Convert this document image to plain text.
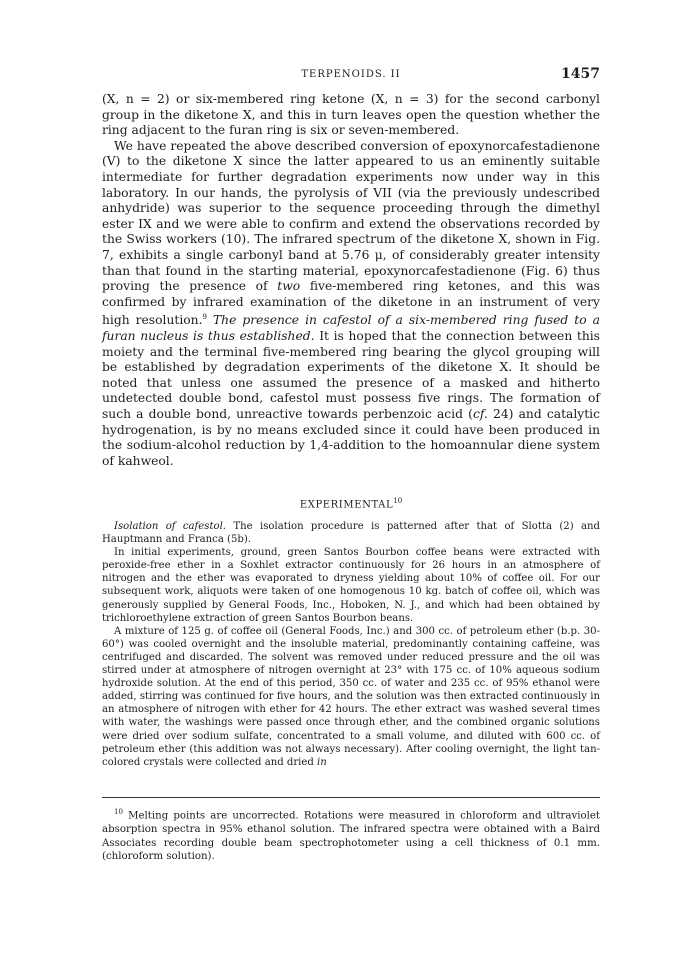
TERPENOIDS. II	1457

(X, n = 2) or six-membered ring ketone (X, n = 3) for the second carbonyl group in the diketone X, and this in turn leaves open the question whether the ring adjacent to the furan ring is six or seven-membered.

We have repeated the above described conversion of epoxynorcafestadienone (V) to the diketone X since the latter appeared to us an eminently suitable intermediate for further degradation experiments now under way in this laboratory. In our hands, the pyrolysis of VII (via the previously undescribed anhydride) was superior to the sequence proceeding through the dimethyl ester IX and we were able to confirm and extend the observations recorded by the Swiss workers (10). The infrared spectrum of the diketone X, shown in Fig. 7, exhibits a single carbonyl band at 5.76 μ, of considerably greater intensity than that found in the starting material, epoxynorcafestadienone (Fig. 6) thus proving the presence of two five-membered ring ketones, and this was confirmed by infrared examination of the diketone in an instrument of very high resolution.$^9$ The presence in cafestol of a six-membered ring fused to a furan nucleus is thus established. It is hoped that the connection between this moiety and the terminal five-membered ring bearing the glycol grouping will be established by degradation experiments of the diketone X. It should be noted that unless one assumed the presence of a masked and hitherto undetected double bond, cafestol must possess five rings. The formation of such a double bond, unreactive towards perbenzoic acid (cf. 24) and catalytic hydrogenation, is by no means excluded since it could have been produced in the sodium-alcohol reduction by 1,4-addition to the homoannular diene system of kahweol.

EXPERIMENTAL$^{10}$

Isolation of cafestol. The isolation procedure is patterned after that of Slotta (2) and Hauptmann and Franca (5b).

In initial experiments, ground, green Santos Bourbon coffee beans were extracted with peroxide-free ether in a Soxhlet extractor continuously for 26 hours in an atmosphere of nitrogen and the ether was evaporated to dryness yielding about 10% of coffee oil. For our subsequent work, aliquots were taken of one homogenous 10 kg. batch of coffee oil, which was generously supplied by General Foods, Inc., Hoboken, N. J., and which had been obtained by trichloroethylene extraction of green Santos Bourbon beans.

A mixture of 125 g. of coffee oil (General Foods, Inc.) and 300 cc. of petroleum ether (b.p. 30-60°) was cooled overnight and the insoluble material, predominantly containing caffeine, was centrifuged and discarded. The solvent was removed under reduced pressure and the oil was stirred under at atmosphere of nitrogen overnight at 23° with 175 cc. of 10% aqueous sodium hydroxide solution. At the end of this period, 350 cc. of water and 235 cc. of 95% ethanol were added, stirring was continued for five hours, and the solution was then extracted continuously in an atmosphere of nitrogen with ether for 42 hours. The ether extract was washed several times with water, the washings were passed once through ether, and the combined organic solutions were dried over sodium sulfate, concentrated to a small volume, and diluted with 600 cc. of petroleum ether (this addition was not always necessary). After cooling overnight, the light tan-colored crystals were collected and dried in

$^{10}$ Melting points are uncorrected. Rotations were measured in chloroform and ultraviolet absorption spectra in 95% ethanol solution. The infrared spectra were obtained with a Baird Associates recording double beam spectrophotometer using a cell thickness of 0.1 mm. (chloroform solution).
